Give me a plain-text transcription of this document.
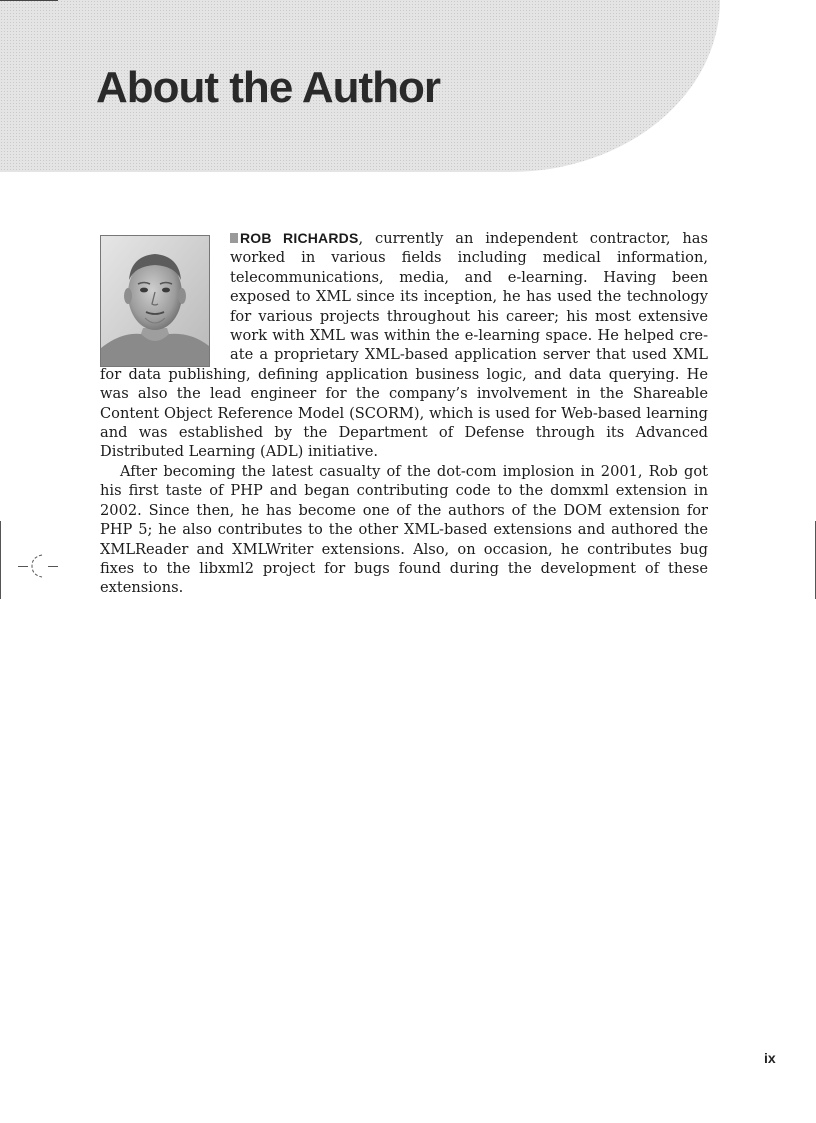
About the Author

ROB RICHARDS, currently an independent contractor, has worked in various fields including medical information, telecommunications, media, and e-learning. Having been exposed to XML since its inception, he has used the technology for various projects throughout his career; his most extensive work with XML was within the e-learning space. He helped create a proprietary XML-based application server that used XML for data publishing, defining application business logic, and data querying. He was also the lead engineer for the company’s involvement in the Shareable Content Object Reference Model (SCORM), which is used for Web-based learning and was established by the Department of Defense through its Advanced Distributed Learning (ADL) initiative.

After becoming the latest casualty of the dot-com implosion in 2001, Rob got his first taste of PHP and began contributing code to the domxml extension in 2002. Since then, he has become one of the authors of the DOM extension for PHP 5; he also contributes to the other XML-based extensions and authored the XMLReader and XMLWriter extensions. Also, on occasion, he contributes bug fixes to the libxml2 project for bugs found during the development of these extensions.

ix
